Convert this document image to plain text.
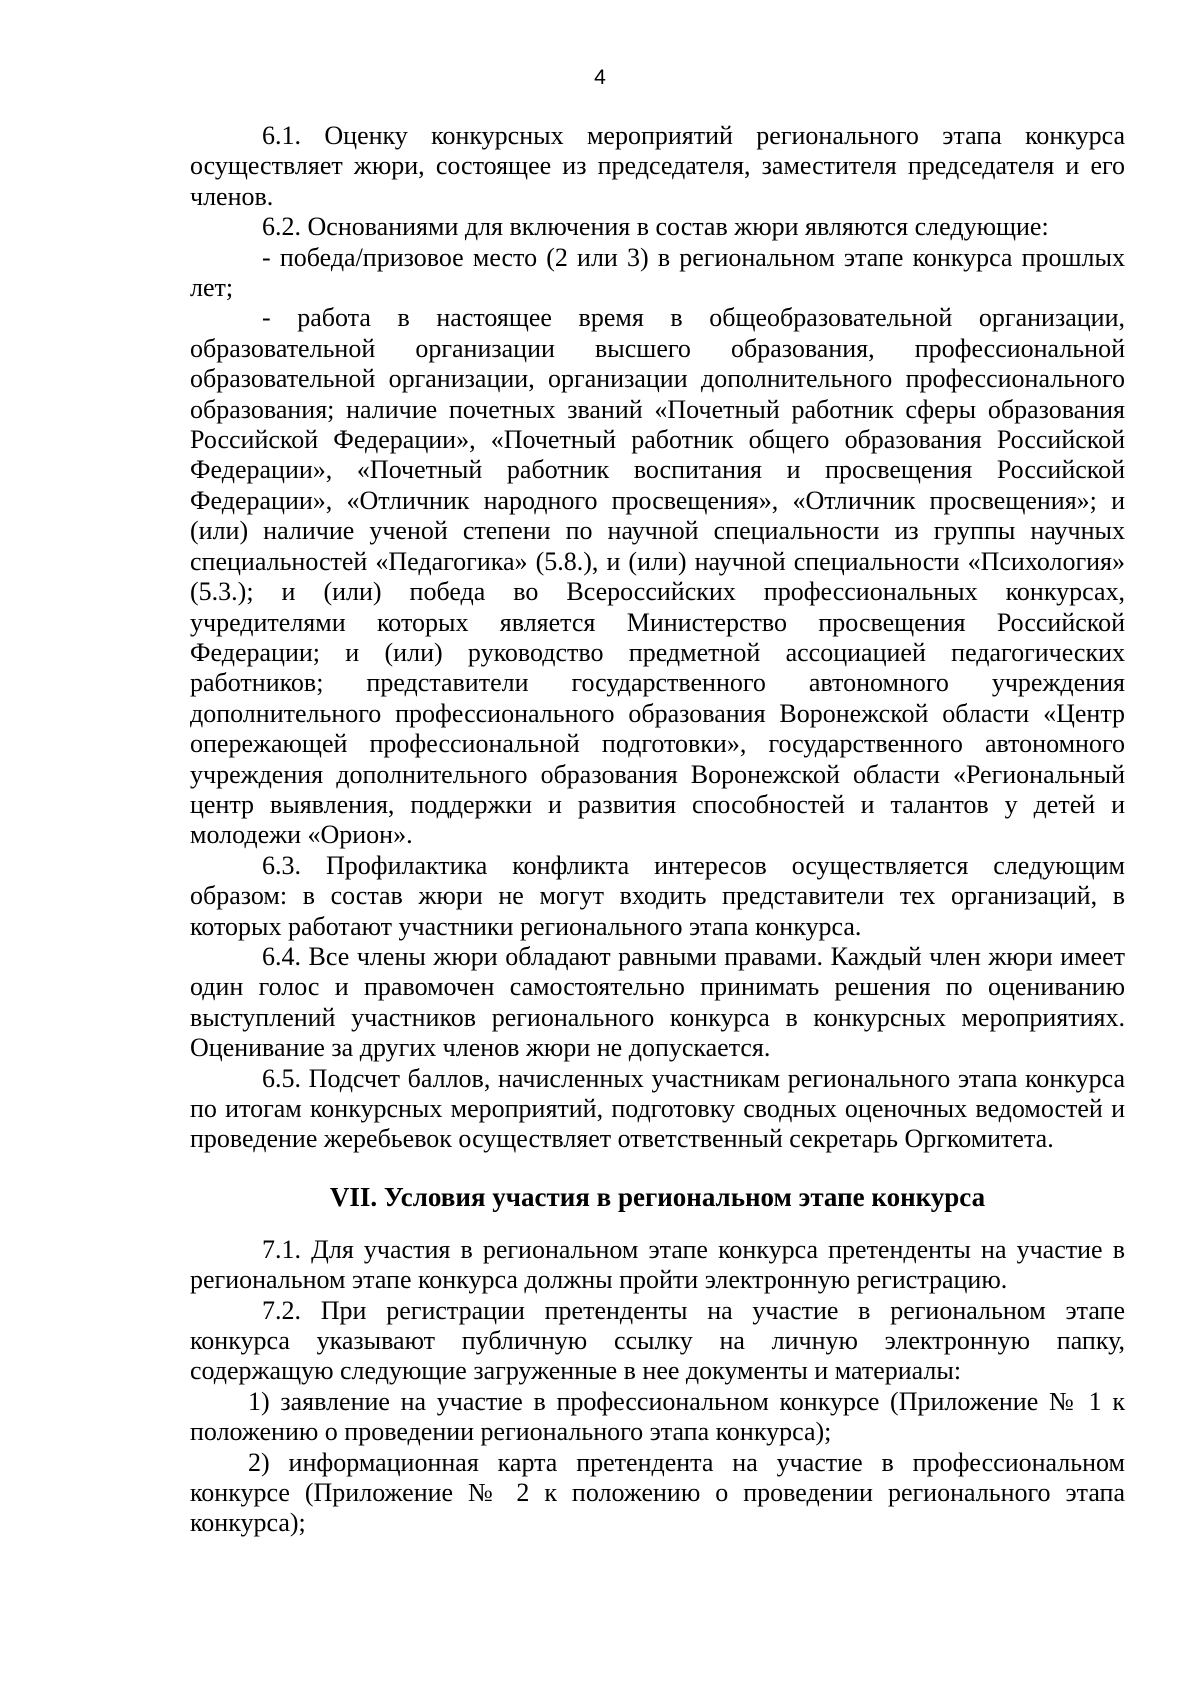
4

6.1. Оценку конкурсных мероприятий регионального этапа конкурса осуществляет жюри, состоящее из председателя, заместителя председателя и его членов.

6.2. Основаниями для включения в состав жюри являются следующие:

- победа/призовое место (2 или 3) в региональном этапе конкурса прошлых лет;

- работа в настоящее время в общеобразовательной организации, образовательной организации высшего образования, профессиональной образовательной организации, организации дополнительного профессионального образования; наличие почетных званий «Почетный работник сферы образования Российской Федерации», «Почетный работник общего образования Российской Федерации», «Почетный работник воспитания и просвещения Российской Федерации», «Отличник народного просвещения», «Отличник просвещения»; и (или) наличие ученой степени по научной специальности из группы научных специальностей «Педагогика» (5.8.), и (или) научной специальности «Психология» (5.3.); и (или) победа во Всероссийских профессиональных конкурсах, учредителями которых является Министерство просвещения Российской Федерации; и (или) руководство предметной ассоциацией педагогических работников; представители государственного автономного учреждения дополнительного профессионального образования Воронежской области «Центр опережающей профессиональной подготовки», государственного автономного учреждения дополнительного образования Воронежской области «Региональный центр выявления, поддержки и развития способностей и талантов у детей и молодежи «Орион».

6.3. Профилактика конфликта интересов осуществляется следующим образом: в состав жюри не могут входить представители тех организаций, в которых работают участники регионального этапа конкурса.

6.4. Все члены жюри обладают равными правами. Каждый член жюри имеет один голос и правомочен самостоятельно принимать решения по оцениванию выступлений участников регионального конкурса в конкурсных мероприятиях. Оценивание за других членов жюри не допускается.

6.5. Подсчет баллов, начисленных участникам регионального этапа конкурса по итогам конкурсных мероприятий, подготовку сводных оценочных ведомостей и проведение жеребьевок осуществляет ответственный секретарь Оргкомитета.

VII. Условия участия в региональном этапе конкурса

7.1. Для участия в региональном этапе конкурса претенденты на участие в региональном этапе конкурса должны пройти электронную регистрацию.

7.2. При регистрации претенденты на участие в региональном этапе конкурса указывают публичную ссылку на личную электронную папку, содержащую следующие загруженные в нее документы и материалы:

1) заявление на участие в профессиональном конкурсе (Приложение № 1 к положению о проведении регионального этапа конкурса);

2) информационная карта претендента на участие в профессиональном конкурсе (Приложение № 2 к положению о проведении регионального этапа конкурса);
